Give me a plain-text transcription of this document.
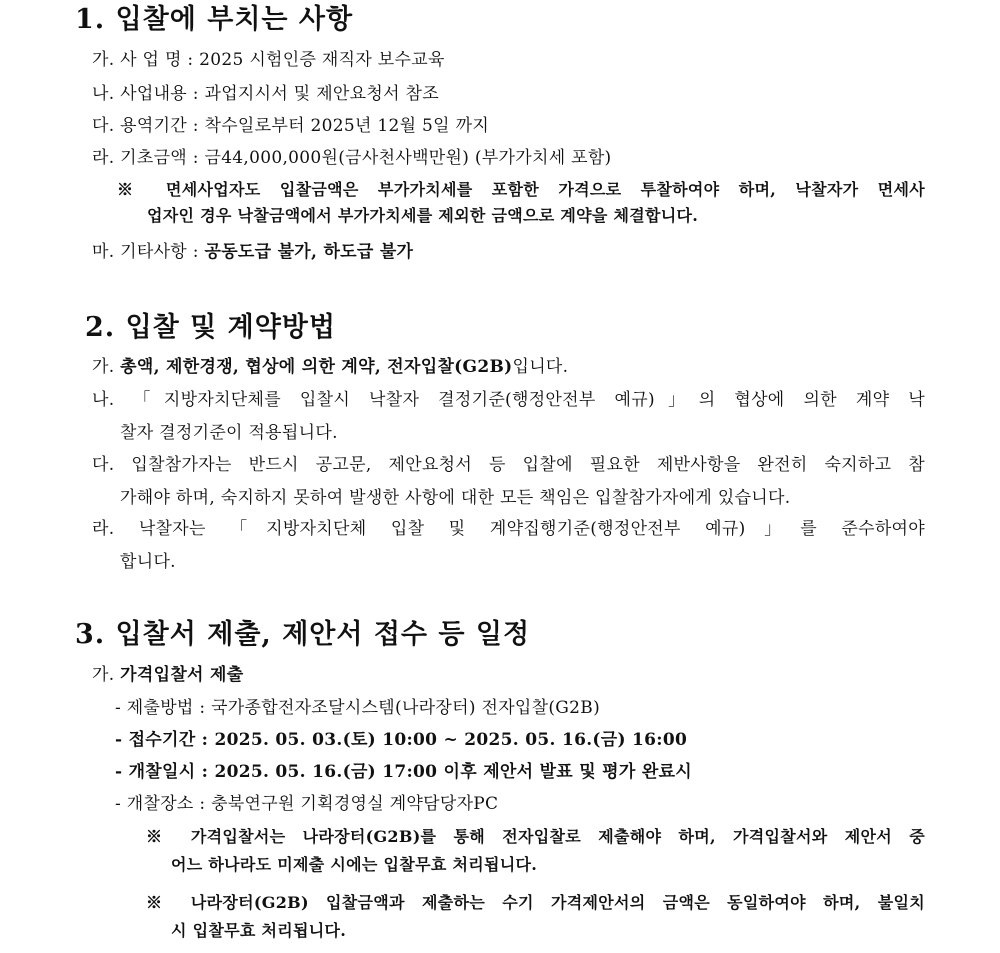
1. 입찰에 부치는 사항
가. 사 업 명 : 2025 시험인증 재직자 보수교육
나. 사업내용 : 과업지시서 및 제안요청서 참조
다. 용역기간 : 착수일로부터 2025년 12월 5일 까지
라. 기초금액 : 금44,000,000원(금사천사백만원) (부가가치세 포함)
※ 면세사업자도 입찰금액은 부가가치세를 포함한 가격으로 투찰하여야 하며, 낙찰자가 면세사
업자인 경우 낙찰금액에서 부가가치세를 제외한 금액으로 계약을 체결합니다.
마. 기타사항 : 공동도급 불가, 하도급 불가
2. 입찰 및 계약방법
가. 총액, 제한경쟁, 협상에 의한 계약, 전자입찰(G2B)입니다.
나. 「지방자치단체를 입찰시 낙찰자 결정기준(행정안전부 예규)」의 협상에 의한 계약 낙
찰자 결정기준이 적용됩니다.
다. 입찰참가자는 반드시 공고문, 제안요청서 등 입찰에 필요한 제반사항을 완전히 숙지하고 참
가해야 하며, 숙지하지 못하여 발생한 사항에 대한 모든 책임은 입찰참가자에게 있습니다.
라. 낙찰자는 「지방자치단체 입찰 및 계약집행기준(행정안전부 예규)」를 준수하여야
합니다.
3. 입찰서 제출, 제안서 접수 등 일정
가. 가격입찰서 제출
- 제출방법 : 국가종합전자조달시스템(나라장터) 전자입찰(G2B)
- 접수기간 : 2025. 05. 03.(토) 10:00 ~ 2025. 05. 16.(금) 16:00
- 개찰일시 : 2025. 05. 16.(금) 17:00 이후 제안서 발표 및 평가 완료시
- 개찰장소 : 충북연구원 기획경영실 계약담당자PC
※ 가격입찰서는 나라장터(G2B)를 통해 전자입찰로 제출해야 하며, 가격입찰서와 제안서 중
어느 하나라도 미제출 시에는 입찰무효 처리됩니다.
※ 나라장터(G2B) 입찰금액과 제출하는 수기 가격제안서의 금액은 동일하여야 하며, 불일치
시 입찰무효 처리됩니다.
